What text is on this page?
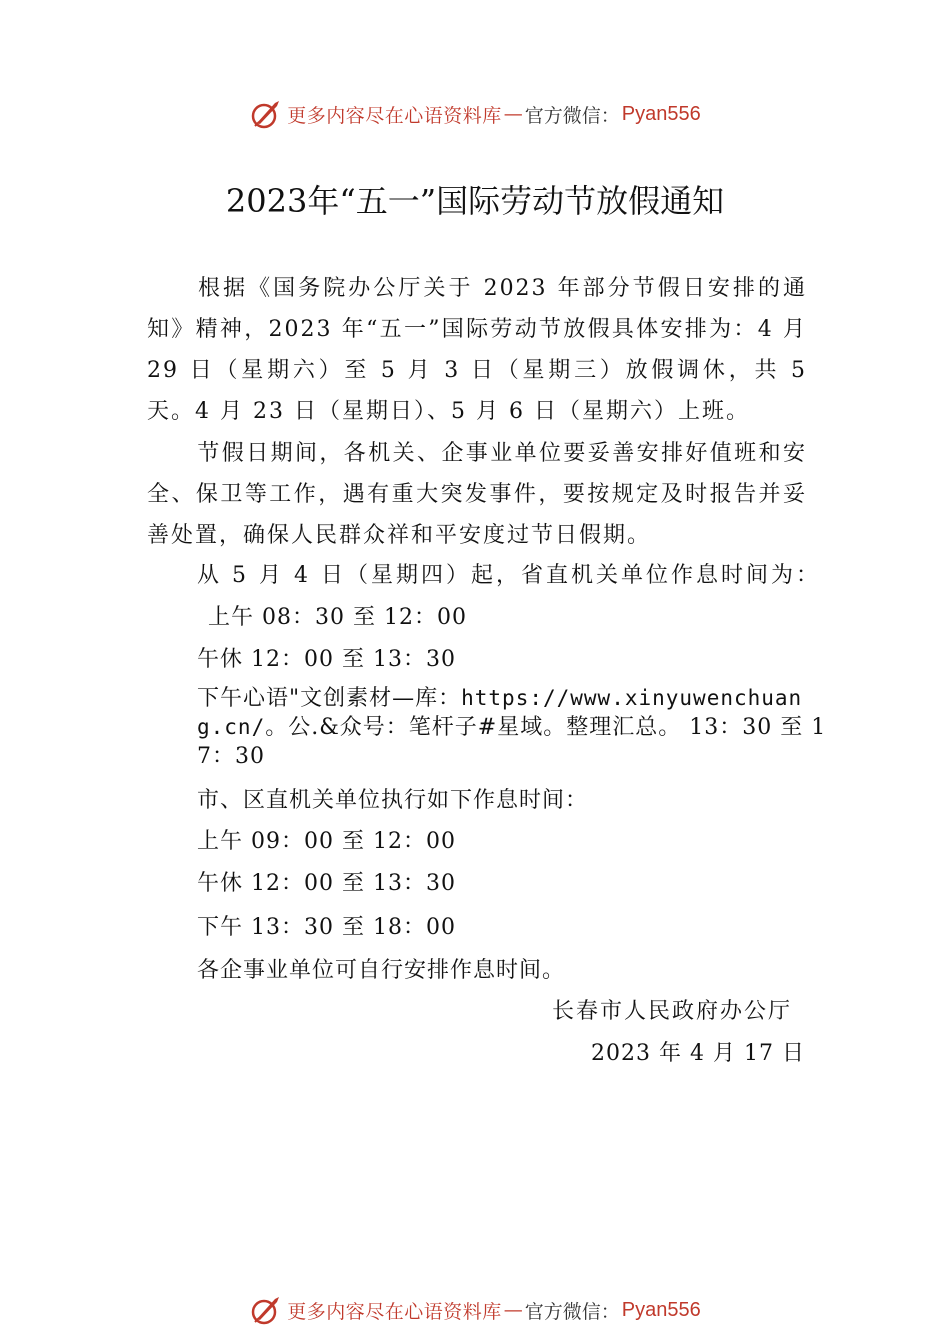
更多内容尽在心语资料库 — 官方微信： Pyan556
2023年“五一”国际劳动节放假通知
根据《国务院办公厅关于 2023 年部分节假日安排的通知》精神，2023 年“五一”国际劳动节放假具体安排为：4 月 29 日（星期六）至 5 月 3 日（星期三）放假调休，共 5 天。4 月 23 日（星期日）、5 月 6 日（星期六）上班。
节假日期间，各机关、企事业单位要妥善安排好值班和安全、保卫等工作，遇有重大突发事件，要按规定及时报告并妥善处置，确保人民群众祥和平安度过节日假期。
从 5 月 4 日（星期四）起，省直机关单位作息时间为：
上午 08：30 至 12：00
午休 12：00 至 13：30
下午心语"文创素材—库：https://www.xinyuwenchuang.cn/。公.&众号：笔杆子#星域。整理汇总。 13：30 至 17：30
市、区直机关单位执行如下作息时间：
上午 09：00 至 12：00
午休 12：00 至 13：30
下午 13：30 至 18：00
各企事业单位可自行安排作息时间。
长春市人民政府办公厅
2023 年 4 月 17 日
更多内容尽在心语资料库 — 官方微信： Pyan556
